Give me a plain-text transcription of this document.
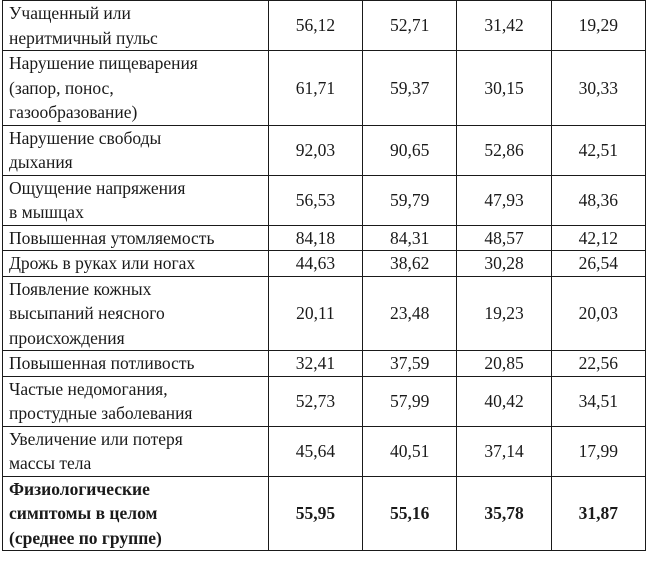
Учащенный или
неритмичный пульс	56,12	52,71	31,42	19,29
Нарушение пищеварения
(запор, понос,
газообразование)	61,71	59,37	30,15	30,33
Нарушение свободы
дыхания	92,03	90,65	52,86	42,51
Ощущение напряжения
в мышцах	56,53	59,79	47,93	48,36
Повышенная утомляемость	84,18	84,31	48,57	42,12
Дрожь в руках или ногах	44,63	38,62	30,28	26,54
Появление кожных
высыпаний неясного
происхождения	20,11	23,48	19,23	20,03
Повышенная потливость	32,41	37,59	20,85	22,56
Частые недомогания,
простудные заболевания	52,73	57,99	40,42	34,51
Увеличение или потеря
массы тела	45,64	40,51	37,14	17,99
Физиологические
симптомы в целом
(среднее по группе)	55,95	55,16	35,78	31,87
